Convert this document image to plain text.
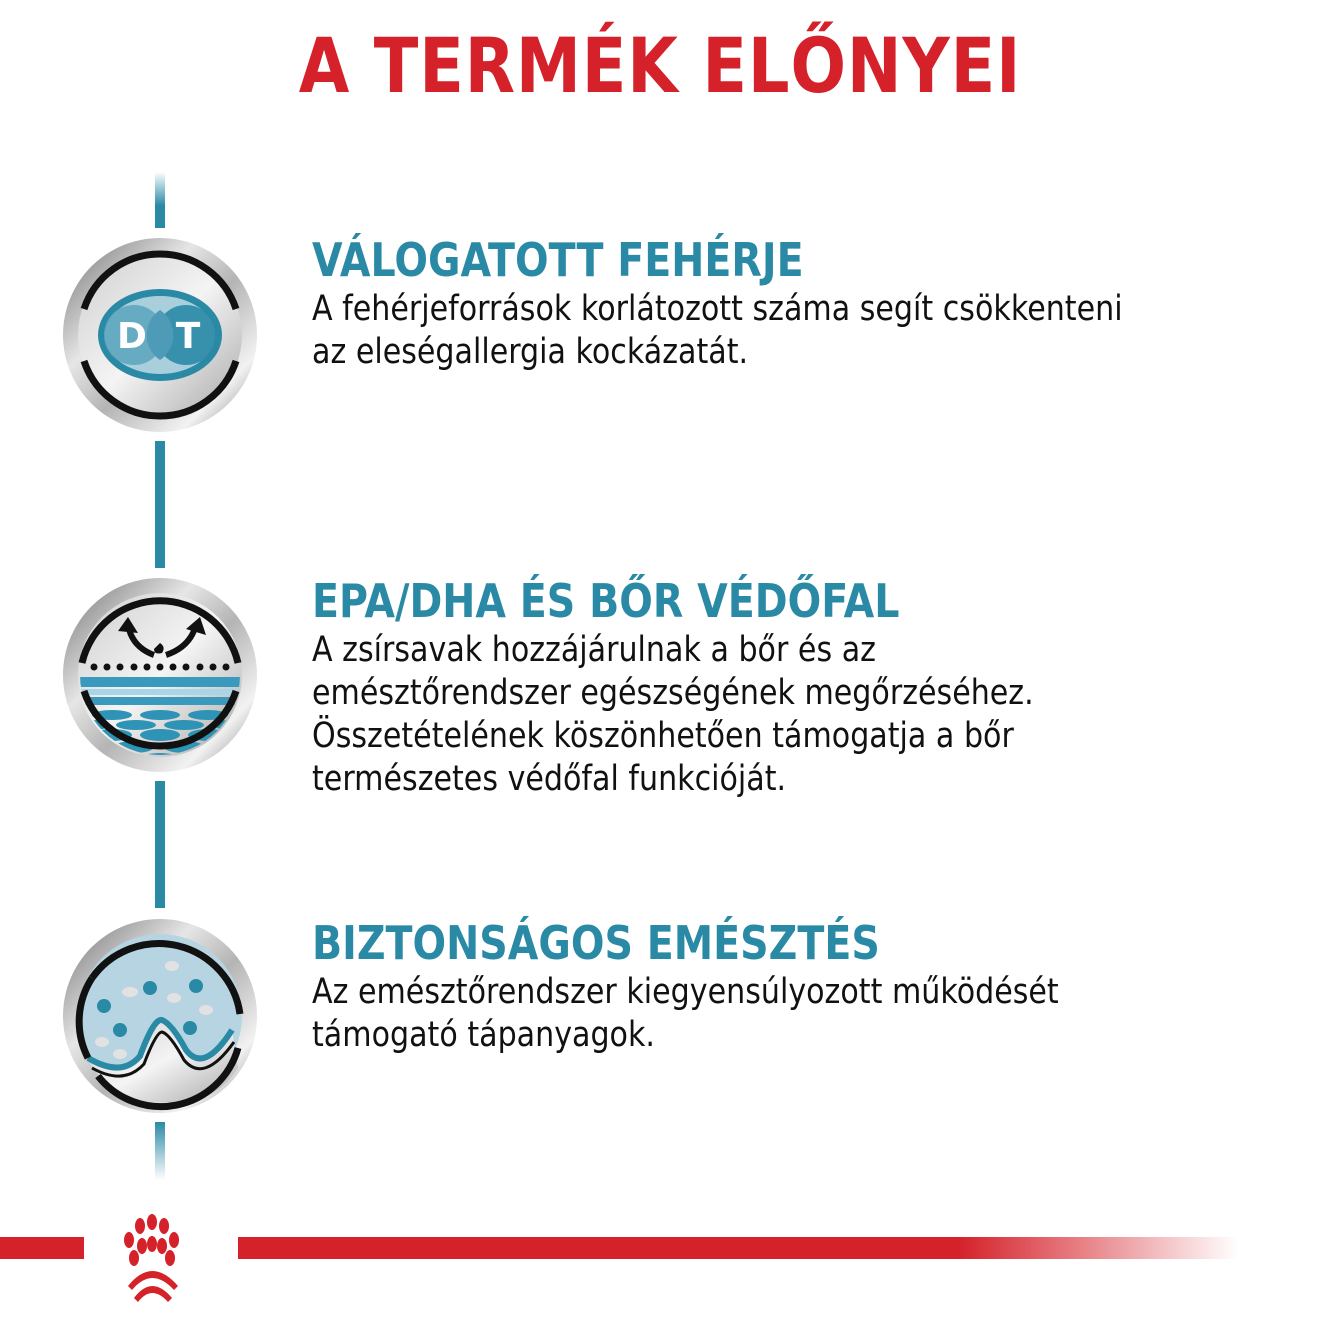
A TERMÉK ELŐNYEI
D T
VÁLOGATOTT FEHÉRJE

A fehérjeforrások korlátozott száma segít csökkenteni

az eleségallergia kockázatát.

EPA/DHA ÉS BŐR VÉDŐFAL

A zsírsavak hozzájárulnak a bőr és az

emésztőrendszer egészségének megőrzéséhez.

Összetételének köszönhetően támogatja a bőr

természetes védőfal funkcióját.

BIZTONSÁGOS EMÉSZTÉS

Az emésztőrendszer kiegyensúlyozott működését

támogató tápanyagok.
